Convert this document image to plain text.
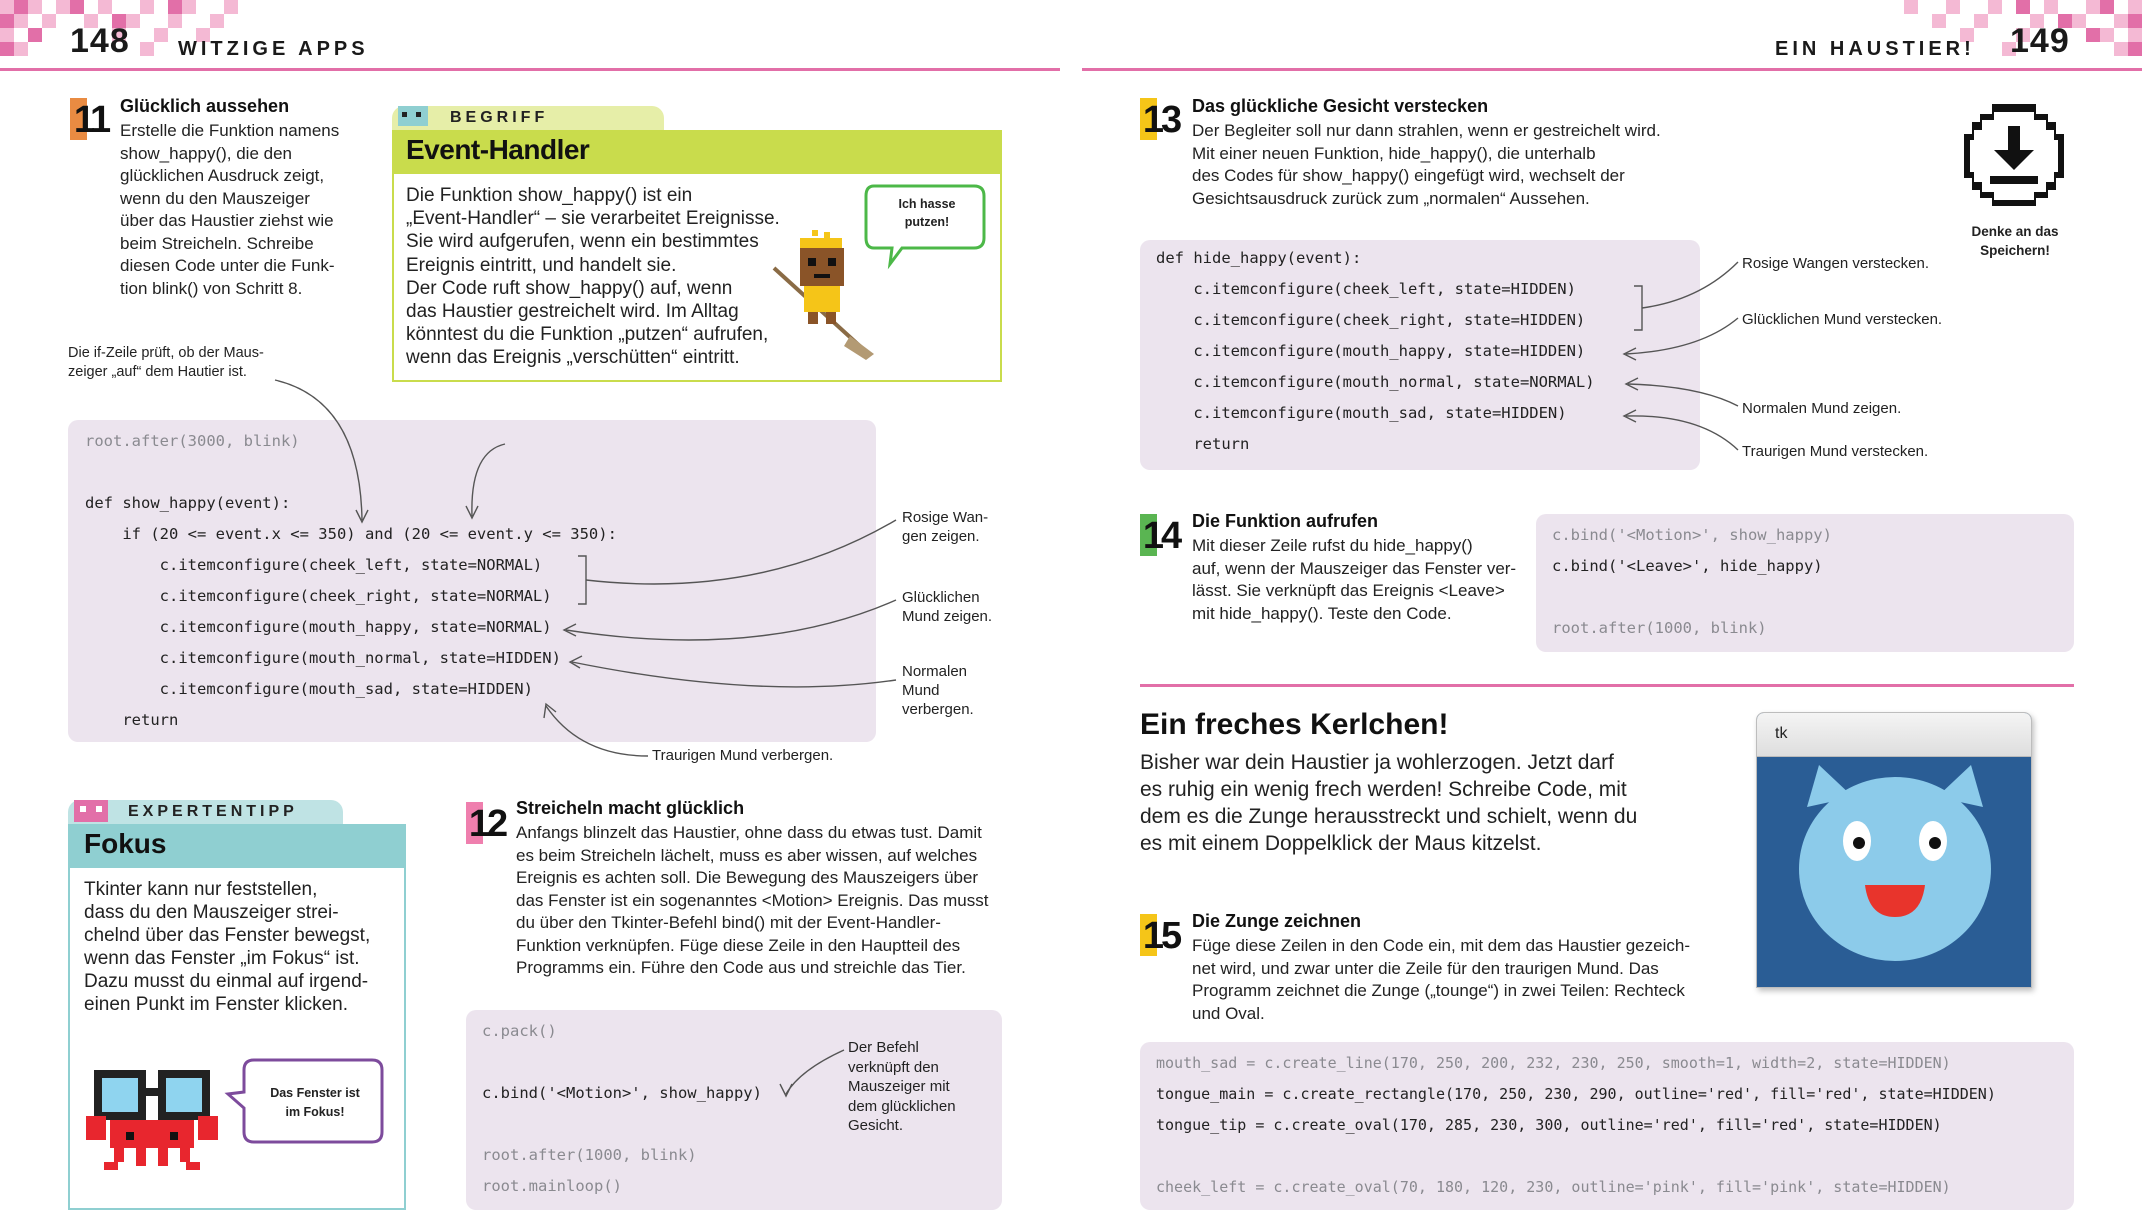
148 WITZIGE APPS	EIN HAUSTIER! 149
11 Glücklich aussehen
Erstelle die Funktion namens
show_happy(), die den
glücklichen Ausdruck zeigt,
wenn du den Mauszeiger
über das Haustier ziehst wie
beim Streicheln. Schreibe
diesen Code unter die Funk-
tion blink() von Schritt 8.
BEGRIFF
Event-Handler
Die Funktion show_happy() ist ein
„Event-Handler“ – sie verarbeitet Ereignisse.
Sie wird aufgerufen, wenn ein bestimmtes
Ereignis eintritt, und handelt sie.
Der Code ruft show_happy() auf, wenn
das Haustier gestreichelt wird. Im Alltag
könntest du die Funktion „putzen“ aufrufen,
wenn das Ereignis „verschütten“ eintritt.
Ich hasse
putzen!
Die if-Zeile prüft, ob der Maus-
zeiger „auf“ dem Hautier ist.
root.after(3000, blink)
def show_happy(event):
if (20 <= event.x <= 350) and (20 <= event.y <= 350):
c.itemconfigure(cheek_left, state=NORMAL)
c.itemconfigure(cheek_right, state=NORMAL)
c.itemconfigure(mouth_happy, state=NORMAL)
c.itemconfigure(mouth_normal, state=HIDDEN)
c.itemconfigure(mouth_sad, state=HIDDEN)
return
Rosige Wan-
gen zeigen.
Glücklichen
Mund zeigen.
Normalen
Mund
verbergen.
Traurigen Mund verbergen.
EXPERTENTIPP
Fokus
Tkinter kann nur feststellen,
dass du den Mauszeiger strei-
chelnd über das Fenster bewegst,
wenn das Fenster „im Fokus“ ist.
Dazu musst du einmal auf irgend-
einen Punkt im Fenster klicken.
Das Fenster ist
im Fokus!
12 Streicheln macht glücklich
Anfangs blinzelt das Haustier, ohne dass du etwas tust. Damit
es beim Streicheln lächelt, muss es aber wissen, auf welches
Ereignis es achten soll. Die Bewegung des Mauszeigers über
das Fenster ist ein sogenanntes <Motion> Ereignis. Das musst
du über den Tkinter-Befehl bind() mit der Event-Handler-
Funktion verknüpfen. Füge diese Zeile in den Hauptteil des
Programms ein. Führe den Code aus und streichle das Tier.
c.pack()
c.bind('<Motion>', show_happy)
root.after(1000, blink)
root.mainloop()
Der Befehl
verknüpft den
Mauszeiger mit
dem glücklichen
Gesicht.
13 Das glückliche Gesicht verstecken
Der Begleiter soll nur dann strahlen, wenn er gestreichelt wird.
Mit einer neuen Funktion, hide_happy(), die unterhalb
des Codes für show_happy() eingefügt wird, wechselt der
Gesichtsausdruck zurück zum „normalen“ Aussehen.
Denke an das
Speichern!
def hide_happy(event):
c.itemconfigure(cheek_left, state=HIDDEN)
c.itemconfigure(cheek_right, state=HIDDEN)
c.itemconfigure(mouth_happy, state=HIDDEN)
c.itemconfigure(mouth_normal, state=NORMAL)
c.itemconfigure(mouth_sad, state=HIDDEN)
return
Rosige Wangen verstecken.
Glücklichen Mund verstecken.
Normalen Mund zeigen.
Traurigen Mund verstecken.
14 Die Funktion aufrufen
Mit dieser Zeile rufst du hide_happy()
auf, wenn der Mauszeiger das Fenster ver-
lässt. Sie verknüpft das Ereignis <Leave>
mit hide_happy(). Teste den Code.
c.bind('<Motion>', show_happy)
c.bind('<Leave>', hide_happy)
root.after(1000, blink)
Ein freches Kerlchen!
Bisher war dein Haustier ja wohlerzogen. Jetzt darf
es ruhig ein wenig frech werden! Schreibe Code, mit
dem es die Zunge herausstreckt und schielt, wenn du
es mit einem Doppelklick der Maus kitzelst.
tk
15 Die Zunge zeichnen
Füge diese Zeilen in den Code ein, mit dem das Haustier gezeich-
net wird, und zwar unter die Zeile für den traurigen Mund. Das
Programm zeichnet die Zunge („tounge“) in zwei Teilen: Rechteck
und Oval.
mouth_sad = c.create_line(170, 250, 200, 232, 230, 250, smooth=1, width=2, state=HIDDEN)
tongue_main = c.create_rectangle(170, 250, 230, 290, outline='red', fill='red', state=HIDDEN)
tongue_tip = c.create_oval(170, 285, 230, 300, outline='red', fill='red', state=HIDDEN)
cheek_left = c.create_oval(70, 180, 120, 230, outline='pink', fill='pink', state=HIDDEN)
